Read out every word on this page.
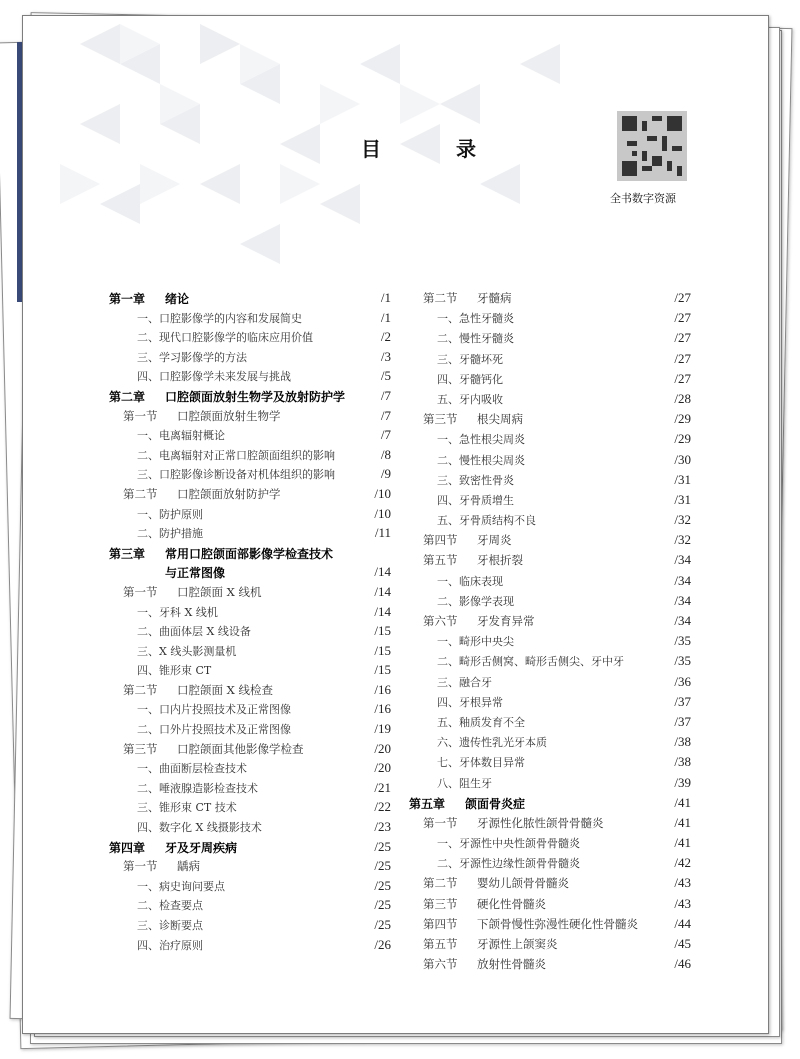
目 录
全书数字资源
第一章 绪论	/1
一、口腔影像学的内容和发展简史	/1
二、现代口腔影像学的临床应用价值	/2
三、学习影像学的方法	/3
四、口腔影像学未来发展与挑战	/5
第二章 口腔颌面放射生物学及放射防护学	/7
第一节 口腔颌面放射生物学	/7
一、电离辐射概论	/7
二、电离辐射对正常口腔颌面组织的影响	/8
三、口腔影像诊断设备对机体组织的影响	/9
第二节 口腔颌面放射防护学	/10
一、防护原则	/10
二、防护措施	/11
第三章 常用口腔颌面部影像学检查技术
与正常图像	/14
第一节 口腔颌面 X 线机	/14
一、牙科 X 线机	/14
二、曲面体层 X 线设备	/15
三、X 线头影测量机	/15
四、锥形束 CT	/15
第二节 口腔颌面 X 线检查	/16
一、口内片投照技术及正常图像	/16
二、口外片投照技术及正常图像	/19
第三节 口腔颌面其他影像学检查	/20
一、曲面断层检查技术	/20
二、唾液腺造影检查技术	/21
三、锥形束 CT 技术	/22
四、数字化 X 线摄影技术	/23
第四章 牙及牙周疾病	/25
第一节 龋病	/25
一、病史询问要点	/25
二、检查要点	/25
三、诊断要点	/25
四、治疗原则	/26
第二节 牙髓病	/27
一、急性牙髓炎	/27
二、慢性牙髓炎	/27
三、牙髓坏死	/27
四、牙髓钙化	/27
五、牙内吸收	/28
第三节 根尖周病	/29
一、急性根尖周炎	/29
二、慢性根尖周炎	/30
三、致密性骨炎	/31
四、牙骨质增生	/31
五、牙骨质结构不良	/32
第四节 牙周炎	/32
第五节 牙根折裂	/34
一、临床表现	/34
二、影像学表现	/34
第六节 牙发育异常	/34
一、畸形中央尖	/35
二、畸形舌侧窝、畸形舌侧尖、牙中牙	/35
三、融合牙	/36
四、牙根异常	/37
五、釉质发育不全	/37
六、遗传性乳光牙本质	/38
七、牙体数目异常	/38
八、阻生牙	/39
第五章 颌面骨炎症	/41
第一节 牙源性化脓性颌骨骨髓炎	/41
一、牙源性中央性颌骨骨髓炎	/41
二、牙源性边缘性颌骨骨髓炎	/42
第二节 婴幼儿颌骨骨髓炎	/43
第三节 硬化性骨髓炎	/43
第四节 下颌骨慢性弥漫性硬化性骨髓炎	/44
第五节 牙源性上颌窦炎	/45
第六节 放射性骨髓炎	/46
